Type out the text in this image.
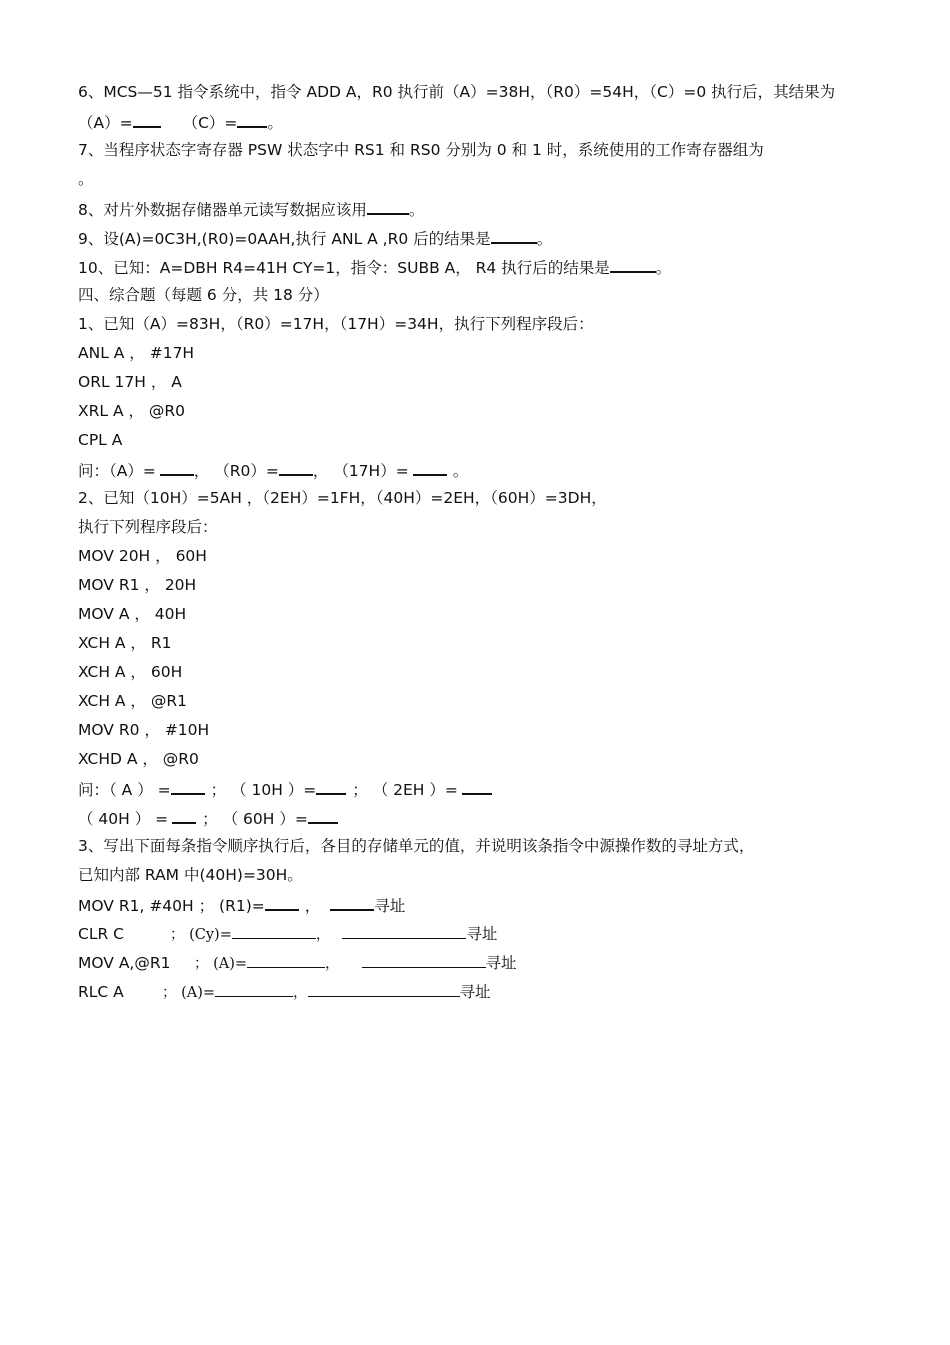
6、MCS—51 指令系统中，指令 ADD A，R0 执行前（A）=38H，（R0）=54H，（C）=0 执行后，其结果为
（A）=	（C）= 。
7、当程序状态字寄存器 PSW 状态字中 RS1 和 RS0 分别为 0 和 1 时，系统使用的工作寄存器组为
。
8、对片外数据存储器单元读写数据应该用	。
9、设(A)=0C3H,(R0)=0AAH,执行 ANL A ,R0 后的结果是	。
10、已知：A=DBH R4=41H CY=1，指令：SUBB A， R4 执行后的结果是	。
四、综合题（每题 6 分，共 18 分）
1、已知（A）=83H，（R0）=17H，（17H）=34H，执行下列程序段后：
ANL A ， #17H
ORL 17H ， A
XRL A ， @R0
CPL A
问：（A）= ， （R0）= ， （17H）=	。
2、已知（10H）=5AH ，（2EH）=1FH，（40H）=2EH，（60H）=3DH，
执行下列程序段后：
MOV 20H ， 60H
MOV R1 ， 20H
MOV A ， 40H
XCH A ， R1
XCH A ， 60H
XCH A ， @R1
MOV R0 ， #10H
XCHD A ， @R0
问：（ A ） =	； （ 10H ）= ； （ 2EH ）=
（ 40H ） = ； （ 60H ）=
3、写出下面每条指令顺序执行后，各目的存储单元的值，并说明该条指令中源操作数的寻址方式，
已知内部 RAM 中(40H)=30H。
MOV R1, #40H ； (R1)=	，	寻址
CLR C	； (Cy)=	，	寻址
MOV A,@R1 ； (A)=	，	寻址
RLC A	； (A)=	，	寻址
